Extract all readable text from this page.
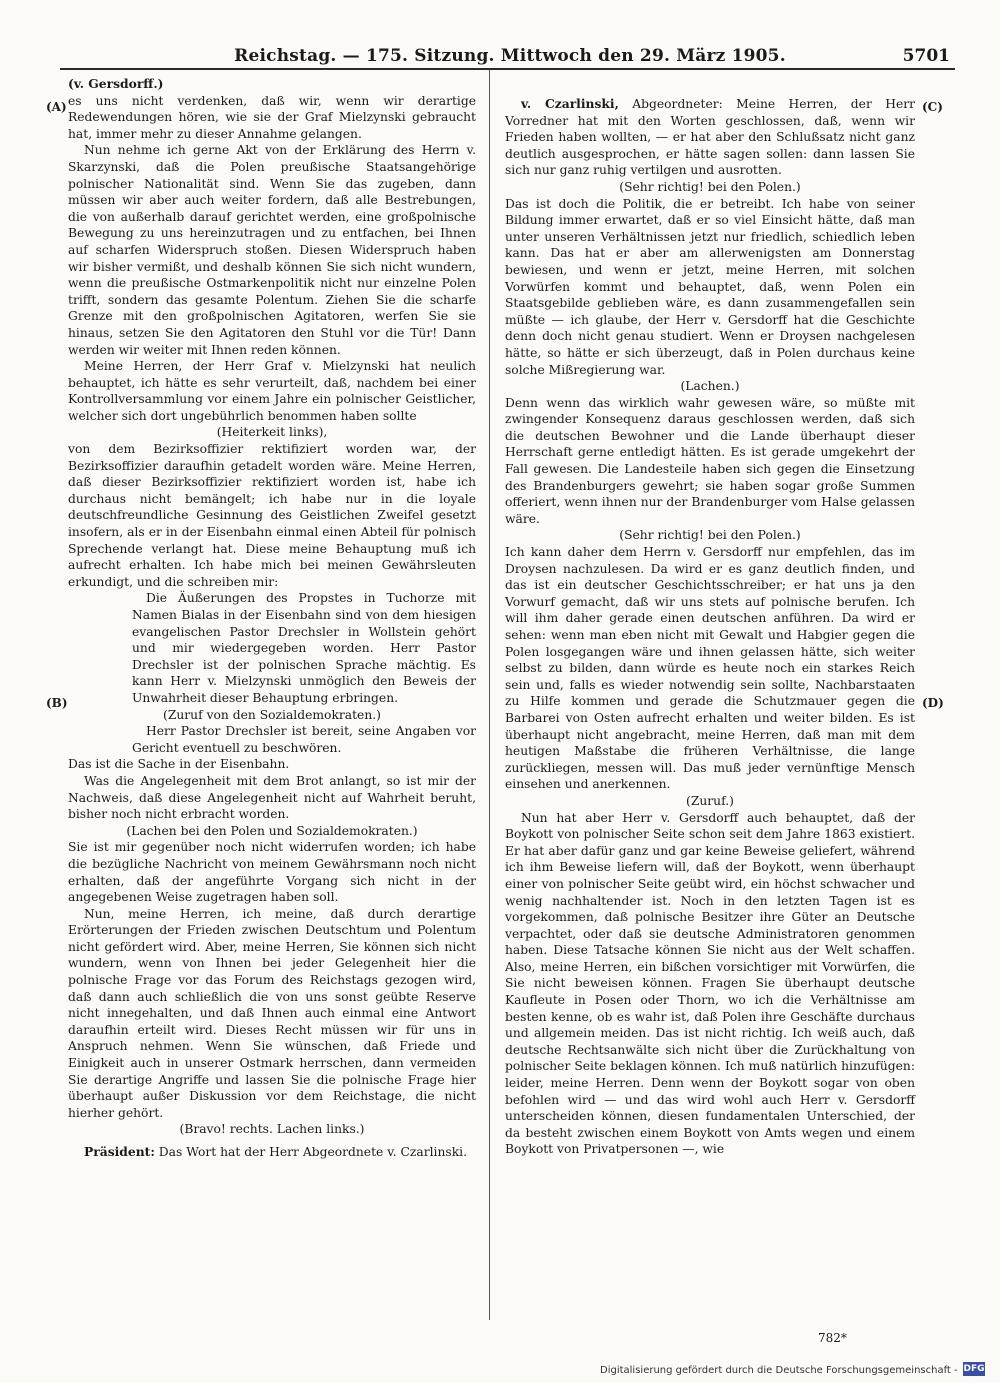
Reichstag. — 175. Sitzung. Mittwoch den 29. März 1905.	5701
(A)
(B)
(C)
(D)

(v. Gersdorff.)

es uns nicht verdenken, daß wir, wenn wir derartige Redewendungen hören, wie sie der Graf Mielzynski gebraucht hat, immer mehr zu dieser Annahme gelangen.

Nun nehme ich gerne Akt von der Erklärung des Herrn v. Skarzynski, daß die Polen preußische Staatsangehörige polnischer Nationalität sind. Wenn Sie das zugeben, dann müssen wir aber auch weiter fordern, daß alle Bestrebungen, die von außerhalb darauf gerichtet werden, eine großpolnische Bewegung zu uns hereinzutragen und zu entfachen, bei Ihnen auf scharfen Widerspruch stoßen. Diesen Widerspruch haben wir bisher vermißt, und deshalb können Sie sich nicht wundern, wenn die preußische Ostmarkenpolitik nicht nur einzelne Polen trifft, sondern das gesamte Polentum. Ziehen Sie die scharfe Grenze mit den großpolnischen Agitatoren, werfen Sie sie hinaus, setzen Sie den Agitatoren den Stuhl vor die Tür! Dann werden wir weiter mit Ihnen reden können.

Meine Herren, der Herr Graf v. Mielzynski hat neulich behauptet, ich hätte es sehr verurteilt, daß, nachdem bei einer Kontrollversammlung vor einem Jahre ein polnischer Geistlicher, welcher sich dort ungebührlich benommen haben sollte

(Heiterkeit links),

von dem Bezirksoffizier rektifiziert worden war, der Bezirksoffizier daraufhin getadelt worden wäre. Meine Herren, daß dieser Bezirksoffizier rektifiziert worden ist, habe ich durchaus nicht bemängelt; ich habe nur in die loyale deutschfreundliche Gesinnung des Geistlichen Zweifel gesetzt insofern, als er in der Eisenbahn einmal einen Abteil für polnisch Sprechende verlangt hat. Diese meine Behauptung muß ich aufrecht erhalten. Ich habe mich bei meinen Gewährsleuten erkundigt, und die schreiben mir:

Die Äußerungen des Propstes in Tuchorze mit Namen Bialas in der Eisenbahn sind von dem hiesigen evangelischen Pastor Drechsler in Wollstein gehört und mir wiedergegeben worden. Herr Pastor Drechsler ist der polnischen Sprache mächtig. Es kann Herr v. Mielzynski unmöglich den Beweis der Unwahrheit dieser Behauptung erbringen.

(Zuruf von den Sozialdemokraten.)

Herr Pastor Drechsler ist bereit, seine Angaben vor Gericht eventuell zu beschwören.

Das ist die Sache in der Eisenbahn.

Was die Angelegenheit mit dem Brot anlangt, so ist mir der Nachweis, daß diese Angelegenheit nicht auf Wahrheit beruht, bisher noch nicht erbracht worden.

(Lachen bei den Polen und Sozialdemokraten.)

Sie ist mir gegenüber noch nicht widerrufen worden; ich habe die bezügliche Nachricht von meinem Gewährsmann noch nicht erhalten, daß der angeführte Vorgang sich nicht in der angegebenen Weise zugetragen haben soll.

Nun, meine Herren, ich meine, daß durch derartige Erörterungen der Frieden zwischen Deutschtum und Polentum nicht gefördert wird. Aber, meine Herren, Sie können sich nicht wundern, wenn von Ihnen bei jeder Gelegenheit hier die polnische Frage vor das Forum des Reichstags gezogen wird, daß dann auch schließlich die von uns sonst geübte Reserve nicht innegehalten, und daß Ihnen auch einmal eine Antwort daraufhin erteilt wird. Dieses Recht müssen wir für uns in Anspruch nehmen. Wenn Sie wünschen, daß Friede und Einigkeit auch in unserer Ostmark herrschen, dann vermeiden Sie derartige Angriffe und lassen Sie die polnische Frage hier überhaupt außer Diskussion vor dem Reichstage, die nicht hierher gehört.

(Bravo! rechts. Lachen links.)

Präsident: Das Wort hat der Herr Abgeordnete v. Czarlinski.

v. Czarlinski, Abgeordneter: Meine Herren, der Herr Vorredner hat mit den Worten geschlossen, daß, wenn wir Frieden haben wollten, — er hat aber den Schlußsatz nicht ganz deutlich ausgesprochen, er hätte sagen sollen: dann lassen Sie sich nur ganz ruhig vertilgen und ausrotten.

(Sehr richtig! bei den Polen.)

Das ist doch die Politik, die er betreibt. Ich habe von seiner Bildung immer erwartet, daß er so viel Einsicht hätte, daß man unter unseren Verhältnissen jetzt nur friedlich, schiedlich leben kann. Das hat er aber am allerwenigsten am Donnerstag bewiesen, und wenn er jetzt, meine Herren, mit solchen Vorwürfen kommt und behauptet, daß, wenn Polen ein Staatsgebilde geblieben wäre, es dann zusammengefallen sein müßte — ich glaube, der Herr v. Gersdorff hat die Geschichte denn doch nicht genau studiert. Wenn er Droysen nachgelesen hätte, so hätte er sich überzeugt, daß in Polen durchaus keine solche Mißregierung war.

(Lachen.)

Denn wenn das wirklich wahr gewesen wäre, so müßte mit zwingender Konsequenz daraus geschlossen werden, daß sich die deutschen Bewohner und die Lande überhaupt dieser Herrschaft gerne entledigt hätten. Es ist gerade umgekehrt der Fall gewesen. Die Landesteile haben sich gegen die Einsetzung des Brandenburgers gewehrt; sie haben sogar große Summen offeriert, wenn ihnen nur der Brandenburger vom Halse gelassen wäre.

(Sehr richtig! bei den Polen.)

Ich kann daher dem Herrn v. Gersdorff nur empfehlen, das im Droysen nachzulesen. Da wird er es ganz deutlich finden, und das ist ein deutscher Geschichtsschreiber; er hat uns ja den Vorwurf gemacht, daß wir uns stets auf polnische berufen. Ich will ihm daher gerade einen deutschen anführen. Da wird er sehen: wenn man eben nicht mit Gewalt und Habgier gegen die Polen losgegangen wäre und ihnen gelassen hätte, sich weiter selbst zu bilden, dann würde es heute noch ein starkes Reich sein und, falls es wieder notwendig sein sollte, Nachbarstaaten zu Hilfe kommen und gerade die Schutzmauer gegen die Barbarei von Osten aufrecht erhalten und weiter bilden. Es ist überhaupt nicht angebracht, meine Herren, daß man mit dem heutigen Maßstabe die früheren Verhältnisse, die lange zurückliegen, messen will. Das muß jeder vernünftige Mensch einsehen und anerkennen.

(Zuruf.)

Nun hat aber Herr v. Gersdorff auch behauptet, daß der Boykott von polnischer Seite schon seit dem Jahre 1863 existiert. Er hat aber dafür ganz und gar keine Beweise geliefert, während ich ihm Beweise liefern will, daß der Boykott, wenn überhaupt einer von polnischer Seite geübt wird, ein höchst schwacher und wenig nachhaltender ist. Noch in den letzten Tagen ist es vorgekommen, daß polnische Besitzer ihre Güter an Deutsche verpachtet, oder daß sie deutsche Administratoren genommen haben. Diese Tatsache können Sie nicht aus der Welt schaffen. Also, meine Herren, ein bißchen vorsichtiger mit Vorwürfen, die Sie nicht beweisen können. Fragen Sie überhaupt deutsche Kaufleute in Posen oder Thorn, wo ich die Verhältnisse am besten kenne, ob es wahr ist, daß Polen ihre Geschäfte durchaus und allgemein meiden. Das ist nicht richtig. Ich weiß auch, daß deutsche Rechtsanwälte sich nicht über die Zurückhaltung von polnischer Seite beklagen können. Ich muß natürlich hinzufügen: leider, meine Herren. Denn wenn der Boykott sogar von oben befohlen wird — und das wird wohl auch Herr v. Gersdorff unterscheiden können, diesen fundamentalen Unterschied, der da besteht zwischen einem Boykott von Amts wegen und einem Boykott von Privatpersonen —, wie

782*
Digitalisierung gefördert durch die Deutsche Forschungsgemeinschaft - DFG
